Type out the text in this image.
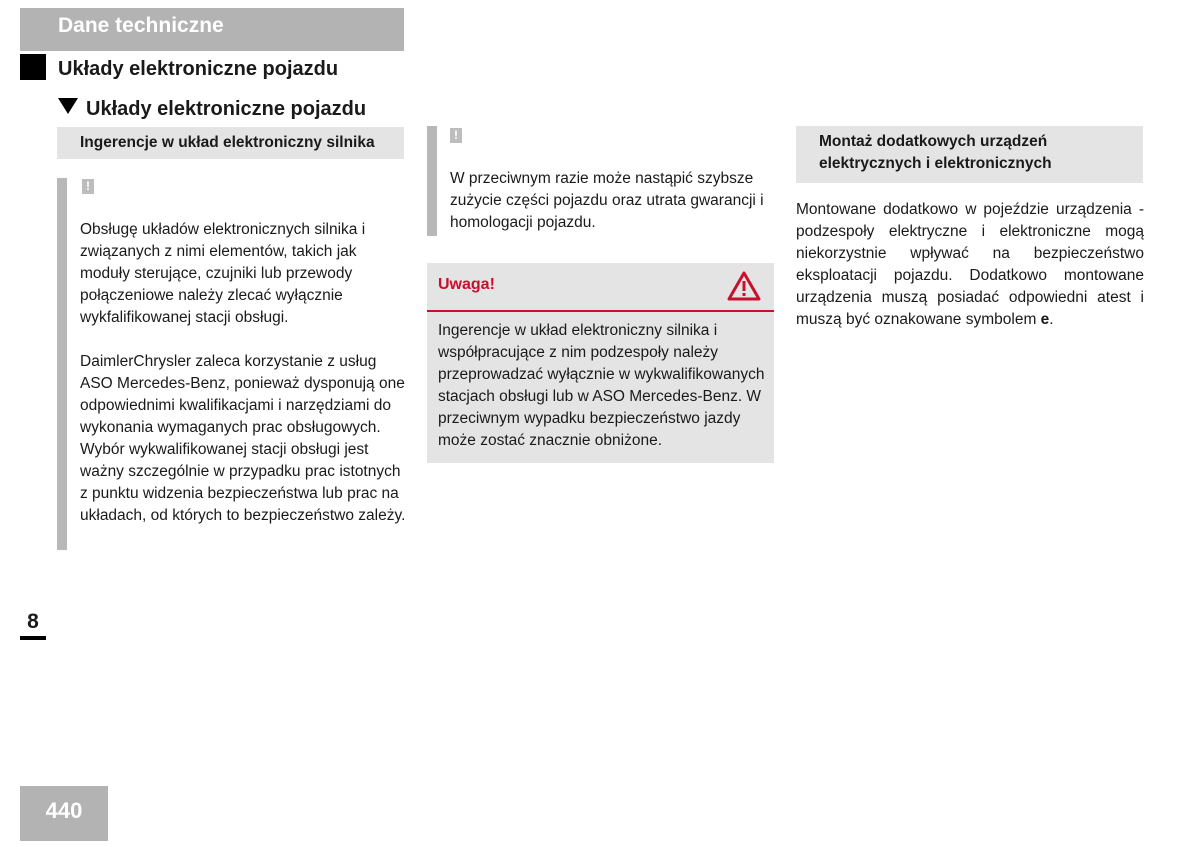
Dane techniczne
Układy elektroniczne pojazdu
Układy elektroniczne pojazdu
Ingerencje w układ elektroniczny silnika
!

Obsługę układów elektronicznych silnika i związanych z nimi elementów, takich jak moduły sterujące, czujniki lub przewody połączeniowe należy zlecać wyłącznie wykfalifikowanej stacji obsługi.

DaimlerChrysler zaleca korzystanie z usług ASO Mercedes-Benz, ponieważ dysponują one odpowiednimi kwalifikacjami i narzędziami do wykonania wymaganych prac obsługowych. Wybór wykwalifikowanej stacji obsługi jest ważny szczególnie w przypadku prac istotnych z punktu widzenia bezpieczeństwa lub prac na układach, od których to bezpieczeństwo zależy.

!
W przeciwnym razie może nastąpić szybsze zużycie części pojazdu oraz utrata gwarancji i homologacji pojazdu.
Uwaga!
Ingerencje w układ elektroniczny silnika i współpracujące z nim podzespoły należy przeprowadzać wyłącznie w wykwalifikowanych stacjach obsługi lub w ASO Mercedes-Benz. W przeciwnym wypadku bezpieczeństwo jazdy może zostać znacznie obniżone.
Montaż dodatkowych urządzeń elektrycznych i elektronicznych
Montowane dodatkowo w pojeździe urządzenia - podzespoły elektryczne i elektroniczne mogą niekorzystnie wpływać na bezpieczeństwo eksploatacji pojazdu. Dodatkowo montowane urządzenia muszą posiadać odpowiedni atest i muszą być oznakowane symbolem e.
8
440
